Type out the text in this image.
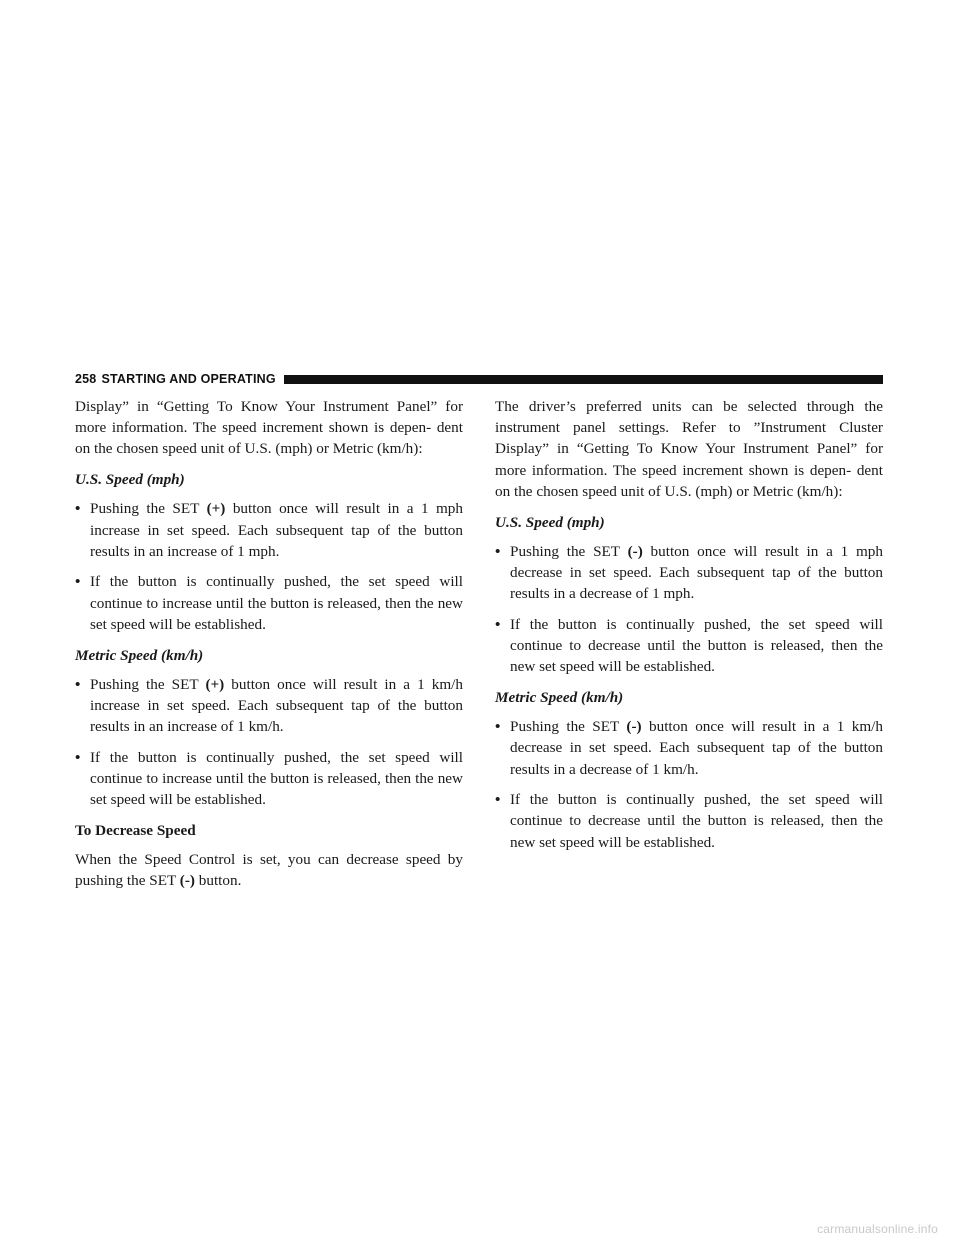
258 STARTING AND OPERATING

Display” in “Getting To Know Your Instrument Panel” for more information. The speed increment shown is depen- dent on the chosen speed unit of U.S. (mph) or Metric (km/h):

U.S. Speed (mph)
• Pushing the SET (+) button once will result in a 1 mph increase in set speed. Each subsequent tap of the button results in an increase of 1 mph.
• If the button is continually pushed, the set speed will continue to increase until the button is released, then the new set speed will be established.
Metric Speed (km/h)
• Pushing the SET (+) button once will result in a 1 km/h increase in set speed. Each subsequent tap of the button results in an increase of 1 km/h.
• If the button is continually pushed, the set speed will continue to increase until the button is released, then the new set speed will be established.
To Decrease Speed

When the Speed Control is set, you can decrease speed by pushing the SET (-) button.

The driver’s preferred units can be selected through the instrument panel settings. Refer to ”Instrument Cluster Display” in “Getting To Know Your Instrument Panel” for more information. The speed increment shown is depen- dent on the chosen speed unit of U.S. (mph) or Metric (km/h):

U.S. Speed (mph)
• Pushing the SET (-) button once will result in a 1 mph decrease in set speed. Each subsequent tap of the button results in a decrease of 1 mph.
• If the button is continually pushed, the set speed will continue to decrease until the button is released, then the new set speed will be established.
Metric Speed (km/h)
• Pushing the SET (-) button once will result in a 1 km/h decrease in set speed. Each subsequent tap of the button results in a decrease of 1 km/h.
• If the button is continually pushed, the set speed will continue to decrease until the button is released, then the new set speed will be established.
carmanualsonline.info
